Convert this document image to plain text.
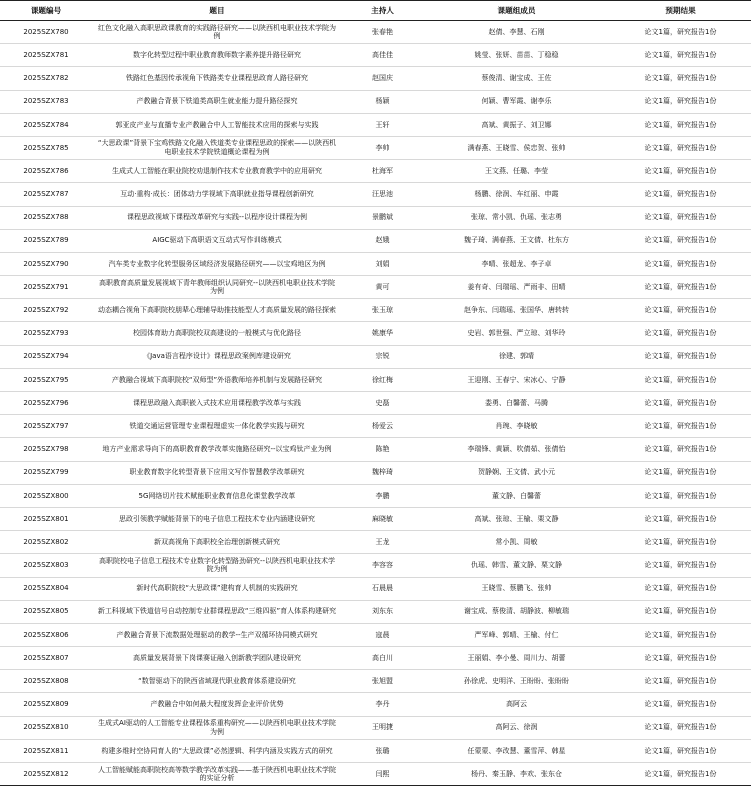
课题编号	题目	主持人	课题组成员	预期结果
2025SZX780	红色文化融入高职思政课教育的实践路径研究——以陕西机电职业技术学院为例	张春艳	赵倩、李慧、石刚	论文1篇，研究报告1份
2025SZX781	数字化转型过程中职业教育教师数字素养提升路径研究	高佳佳	姚莹、张妍、苗苗、丁稳稳	论文1篇，研究报告1份
2025SZX782	铁路红色基因传承视角下铁路类专业课程思政育人路径研究	赵国庆	蔡俊清、谢宝成、王佐	论文1篇，研究报告1份
2025SZX783	产教融合背景下铁道类高职生就业能力提升路径探究	杨颖	何颖、曹军霞、谢李乐	论文1篇，研究报告1份
2025SZX784	郭亚皮产业与直播专业产教融合中人工智能技术应用的探索与实践	王轩	高斌、黄振子、刘卫娜	论文1篇，研究报告1份
2025SZX785	“大思政课”背景下宝鸡铁路文化融入铁道类专业课程思政的探索——以陕西机电职业技术学院铁道概论课程为例	李帅	满春燕、王晓雪、侯忠贺、张帅	论文1篇，研究报告1份
2025SZX786	生成式人工智能在职业院校劝退制作技术专业教育教学中的应用研究	杜海军	王文燕、任璐、李莹	论文1篇，研究报告1份
2025SZX787	互动·重构·成长：团体动力学视域下高职就业指导课程创新研究	汪思池	杨鹏、徐润、车红丽、申霞	论文1篇，研究报告1份
2025SZX788	课程思政视域下课程改革研究与实践--以程序设计课程为例	景鹏斌	张琼、常小凯、仇瑶、张志勇	论文1篇，研究报告1份
2025SZX789	AIGC驱动下高职语文互动式写作训练模式	赵娥	魏子琦、满春燕、王文倩、杜东方	论文1篇，研究报告1份
2025SZX790	汽车类专业数字化转型服务区域经济发展路径研究——以宝鸡地区为例	刘娟	李晴、张超龙、李子卓	论文1篇，研究报告1份
2025SZX791	高职教育高质量发展视域下青年教师组织认同研究--以陕西机电职业技术学院为例	黄可	姜有奇、闫瑞瑶、严雨非、田晴	论文1篇，研究报告1份
2025SZX792	动态耦合视角下高职院校朋辈心理辅导助推技能型人才高质量发展的路径探索	张玉琼	赵争东、闫瑞瑶、张国华、唐转转	论文1篇，研究报告1份
2025SZX793	校园体育助力高职院校双高建设的一般模式与优化路径	姚康华	史岩、郭世强、严立琼、刘华玲	论文1篇，研究报告1份
2025SZX794	《Java语言程序设计》课程思政案例库建设研究	宗锐	徐建、郭晴	论文1篇，研究报告1份
2025SZX795	产教融合视域下高职院校“双师型”外语教师培养机制与发展路径研究	徐红梅	王迎刚、王春宁、宋冰心、宁静	论文1篇，研究报告1份
2025SZX796	课程思政融入高职嵌入式技术应用课程教学改革与实践	史磊	娄勇、白馨蕾、马腾	论文1篇，研究报告1份
2025SZX797	铁道交通运营管理专业课程理虚实一体化教学实践与研究	杨爱云	肖琬、李晓敏	论文1篇，研究报告1份
2025SZX798	地方产业需求导向下的高职教育教学改革实施路径研究--以宝鸡钛产业为例	陈艳	李瑞锋、黄颖、吹倩茹、张倩怡	论文1篇，研究报告1份
2025SZX799	职业教育数字化转型背景下应用文写作智慧教学改革研究	魏梓琦	贺静娴、王文倩、武小元	论文1篇，研究报告1份
2025SZX800	5G网络切片技术赋能职业教育信息化课堂教学改革	李鹏	董文静、白馨蕾	论文1篇，研究报告1份
2025SZX801	思政引领教学赋能背景下的电子信息工程技术专业内涵建设研究	麻晓敏	高斌、张琼、王榆、栗文静	论文1篇，研究报告1份
2025SZX802	新双高视角下高职校全治理创新模式研究	王龙	常小凯、周敏	论文1篇，研究报告1份
2025SZX803	高职院校电子信息工程技术专业数字化转型路劲研究--以陕西机电职业技术学院为例	李容容	仇瑶、韩雪、董文静、栗文静	论文1篇，研究报告1份
2025SZX804	新时代高职院校“大思政课”建构育人机制的实践研究	石晨晨	王晓雪、蔡鹏飞、张帅	论文1篇，研究报告1份
2025SZX805	新工科视域下铁道信号自动控制专业群课程思政“三维四驱”育人体系构建研究	刘东东	谢宝成、蔡俊清、胡静波、柳敏瑞	论文1篇，研究报告1份
2025SZX806	产教融合背景下流数据处理驱动的教学--生产双循环协同模式研究	寇晨	严军峰、郭晴、王榆、付仁	论文1篇，研究报告1份
2025SZX807	高质量发展背景下岗课赛证融入创新教学团队建设研究	高白川	王丽娟、李小曼、周川力、胡蕾	论文1篇，研究报告1份
2025SZX808	“数智驱动下的陕西省域现代职业教育体系建设研究	张旭盟	孙徐虎、史明洋、王盼盼、张盼盼	论文1篇，研究报告1份
2025SZX809	产教融合中如何最大程度发挥企业评价优势	李丹	高阿云	论文1篇，研究报告1份
2025SZX810	生成式AI驱动的人工智能专业课程体系重构研究——以陕西机电职业技术学院为例	王明捷	高阿云、徐润	论文1篇，研究报告1份
2025SZX811	构建多维时空协同育人的“大思政课”必然逻辑、科学内涵及实践方式的研究	张璐	任蒙蒙、李改慧、董雪萍、韩星	论文1篇，研究报告1份
2025SZX812	人工智能赋能高职院校高等数学教学改革实践——基于陕西机电职业技术学院的实证分析	闫熙	杨丹、秦玉静、李欢、张东仓	论文1篇，研究报告1份
